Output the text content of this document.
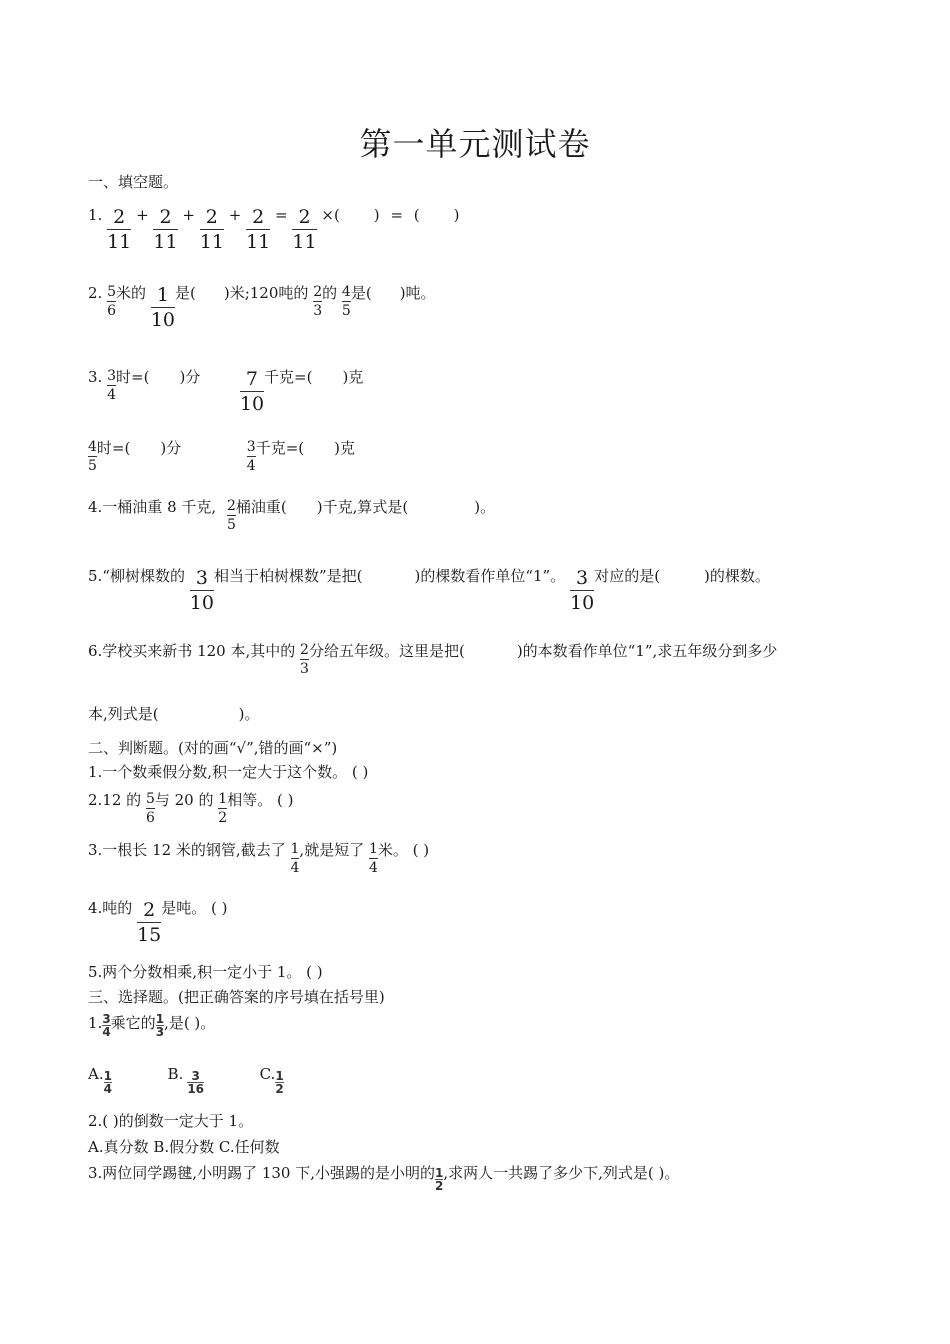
第一单元测试卷
一、填空题。
1. $\frac{2}{11} + \frac{2}{11} + \frac{2}{11} + \frac{2}{11} = \frac{2}{11}$ ×( ) = ( )
2. $\frac{5}{6}$ 米的 $\frac{1}{10}$ 是( )米;120吨的 $\frac{2}{3}$ 的 $\frac{4}{5}$ 是( )吨。
3. $\frac{3}{4}$ 时=( )分 $\frac{7}{10}$ 千克=( )克
$\frac{4}{5}$ 时=( )分	$\frac{3}{4}$ 千克=( )克
4.一桶油重 8 千克, $\frac{2}{5}$ 桶油重( )千克,算式是(	)。
5.“柳树棵数的 $\frac{3}{10}$ 相当于柏树棵数”是把(	)的棵数看作单位“1”。 $\frac{3}{10}$ 对应的是(	)的棵数。
6.学校买来新书 120 本,其中的 $\frac{2}{3}$ 分给五年级。这里是把(	)的本数看作单位“1”,求五年级分到多少
本,列式是(	)。
二、判断题。(对的画“√”,错的画“×”)
1.一个数乘假分数,积一定大于这个数。 ( )
2.12 的 $\frac{5}{6}$ 与 20 的 $\frac{1}{2}$ 相等。 ( )
3.一根长 12 米的钢管,截去了 $\frac{1}{4}$ ,就是短了 $\frac{1}{4}$ 米。 ( )
4.吨的 $\frac{2}{15}$ 是吨。 ( )
5.两个分数相乘,积一定小于 1。 ( )
三、选择题。(把正确答案的序号填在括号里)
1. $\frac{3}{4}$ 乘它的 $\frac{1}{3}$ ,是( )。
A. $\frac{1}{4}$	B. $\frac{3}{16}$	C. $\frac{1}{2}$
2.( )的倒数一定大于 1。
A.真分数 B.假分数 C.任何数
3.两位同学踢毽,小明踢了 130 下,小强踢的是小明的 $\frac{1}{2}$ ,求两人一共踢了多少下,列式是( )。
